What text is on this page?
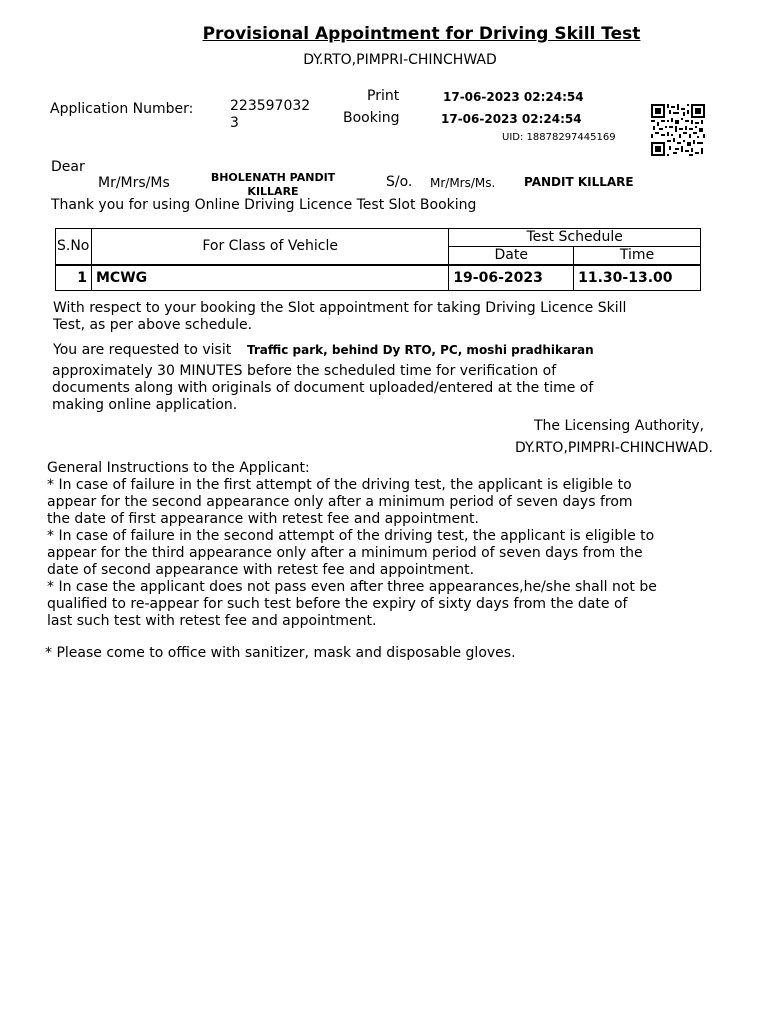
Provisional Appointment for Driving Skill Test
DY.RTO,PIMPRI-CHINCHWAD
Application Number:	223597032
3
Print	17-06-2023 02:24:54
Booking	17-06-2023 02:24:54
UID: 18878297445169
Dear
Mr/Mrs/Ms	BHOLENATH PANDIT
KILLARE
S/o. Mr/Mrs/Ms. PANDIT KILLARE
Thank you for using Online Driving Licence Test Slot Booking
S.No	For Class of Vehicle	Test Schedule	
		Date	Time
1	MCWG	19-06-2023	11.30-13.00
With respect to your booking the Slot appointment for taking Driving Licence Skill
Test, as per above schedule.
You are requested to visit Traffic park, behind Dy RTO, PC, moshi pradhikaran
approximately 30 MINUTES before the scheduled time for verification of
documents along with originals of document uploaded/entered at the time of
making online application.
The Licensing Authority,
DY.RTO,PIMPRI-CHINCHWAD.
General Instructions to the Applicant:
* In case of failure in the first attempt of the driving test, the applicant is eligible to
appear for the second appearance only after a minimum period of seven days from
the date of first appearance with retest fee and appointment.
* In case of failure in the second attempt of the driving test, the applicant is eligible to
appear for the third appearance only after a minimum period of seven days from the
date of second appearance with retest fee and appointment.
* In case the applicant does not pass even after three appearances,he/she shall not be
qualified to re-appear for such test before the expiry of sixty days from the date of
last such test with retest fee and appointment.
* Please come to office with sanitizer, mask and disposable gloves.
